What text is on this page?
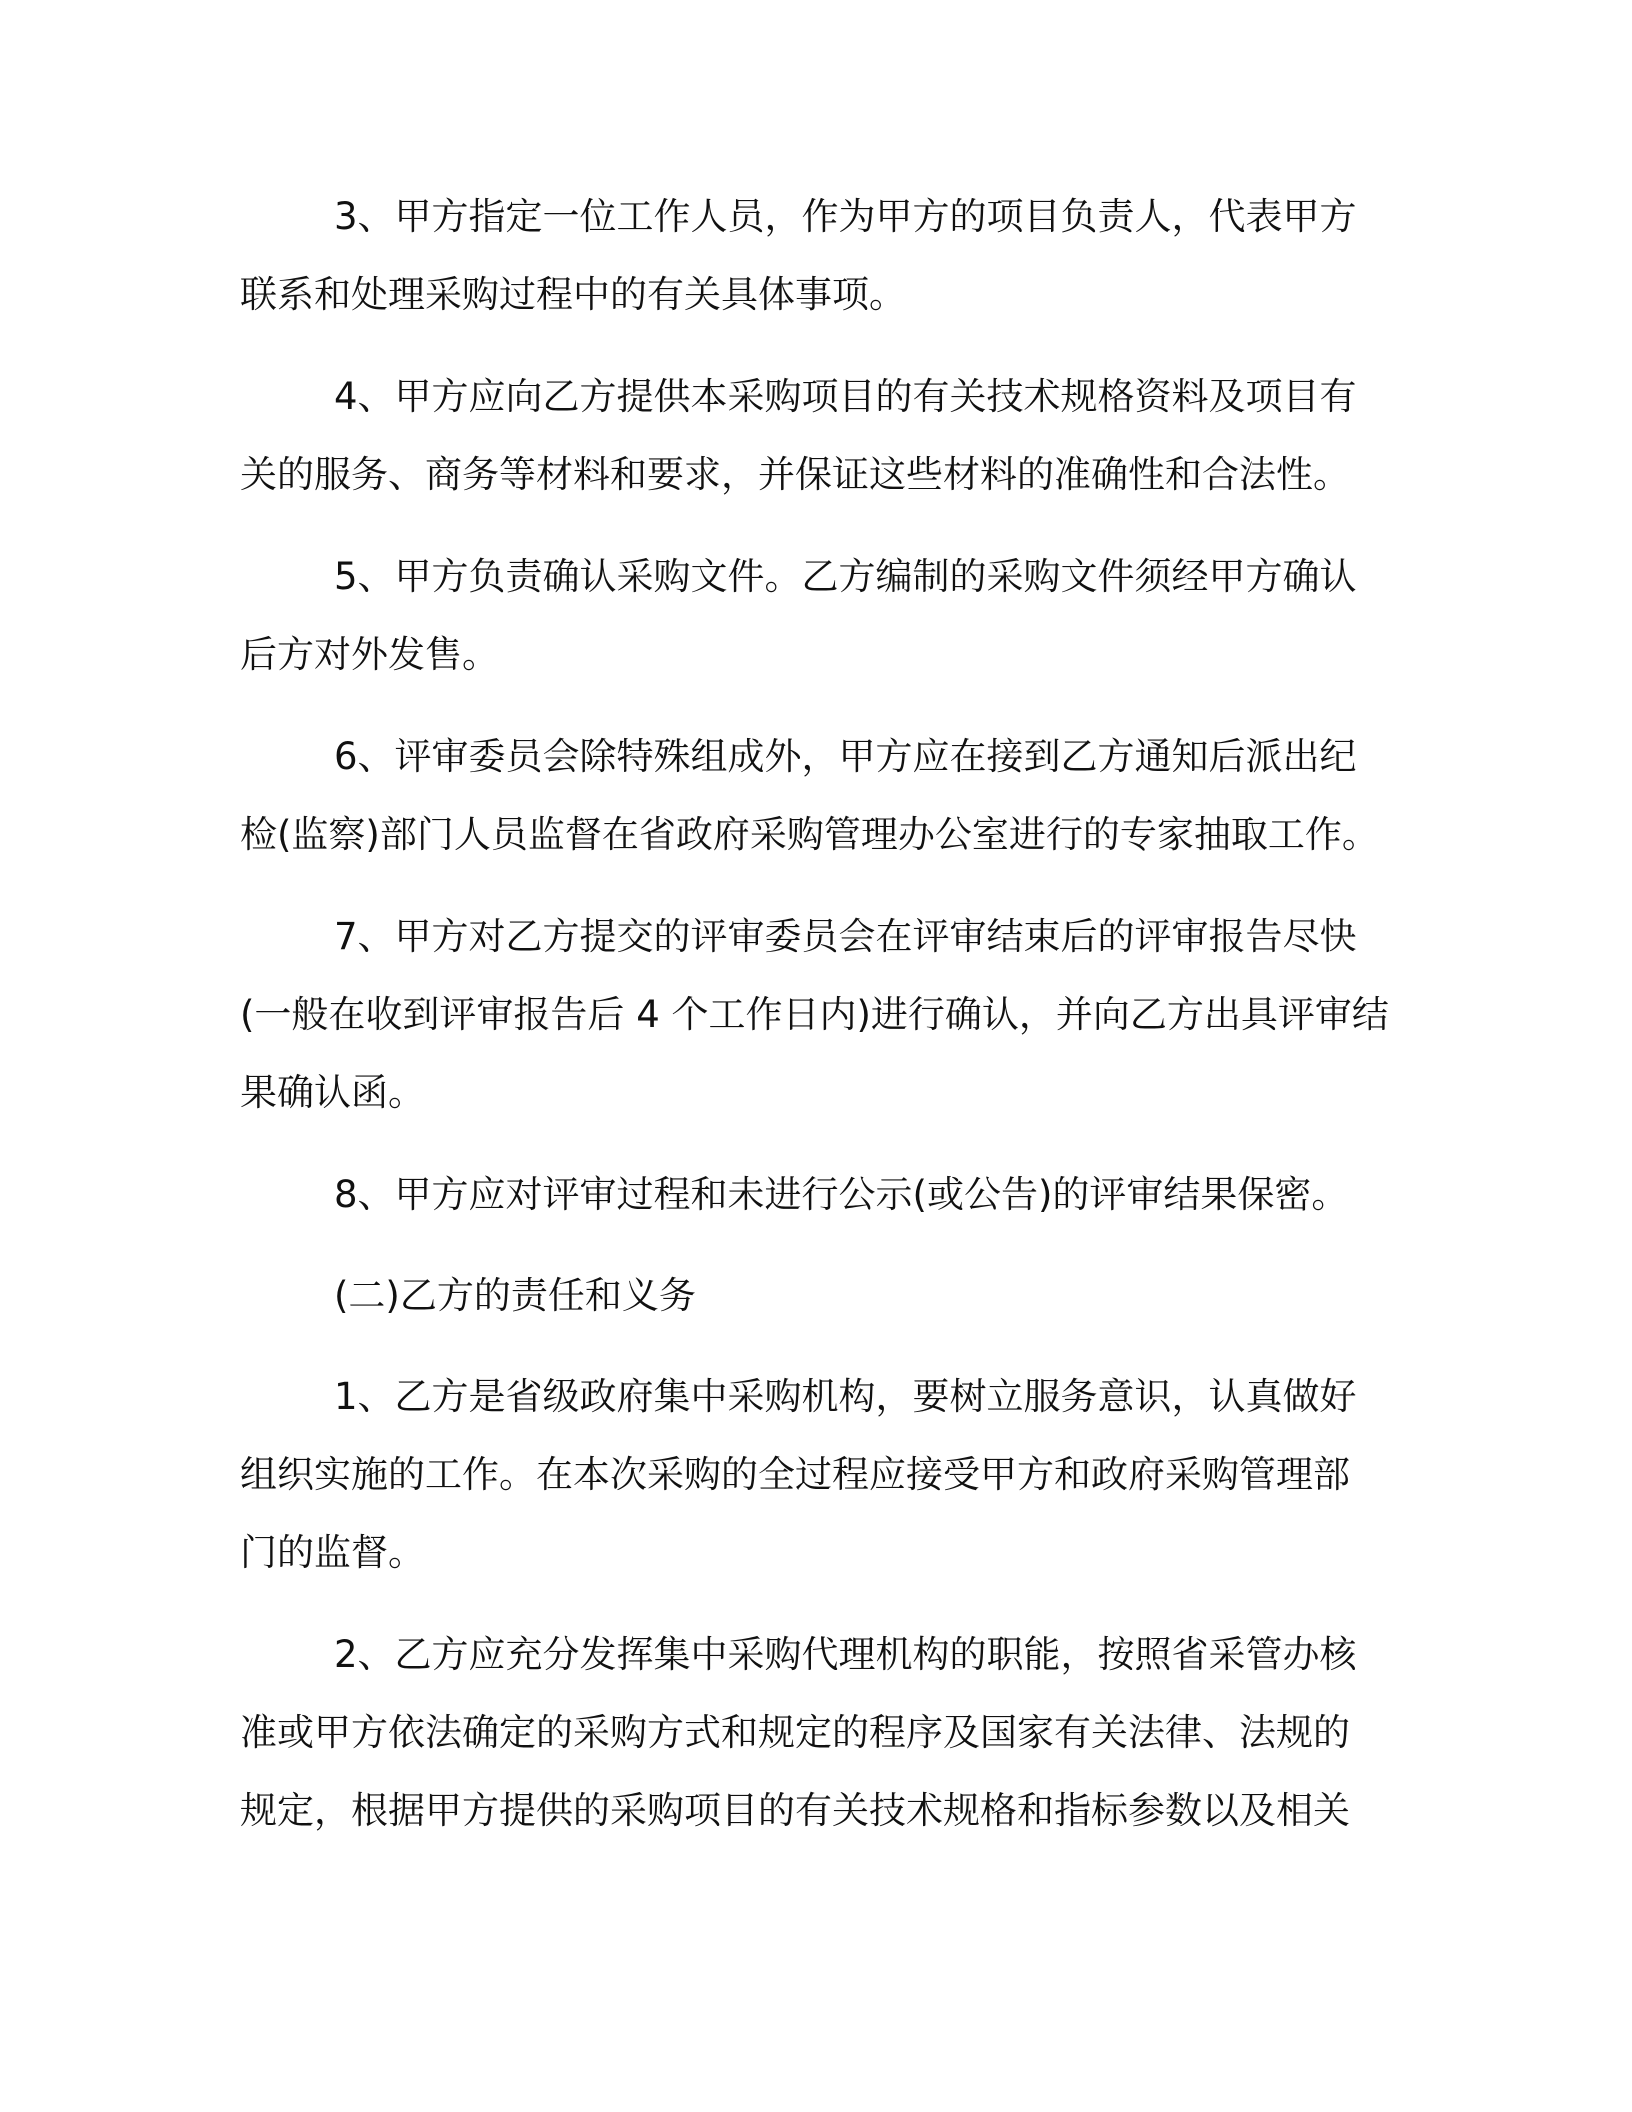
3、甲方指定一位工作人员，作为甲方的项目负责人，代表甲方
联系和处理采购过程中的有关具体事项。
4、甲方应向乙方提供本采购项目的有关技术规格资料及项目有
关的服务、商务等材料和要求，并保证这些材料的准确性和合法性。
5、甲方负责确认采购文件。乙方编制的采购文件须经甲方确认
后方对外发售。
6、评审委员会除特殊组成外，甲方应在接到乙方通知后派出纪
检(监察)部门人员监督在省政府采购管理办公室进行的专家抽取工作。
7、甲方对乙方提交的评审委员会在评审结束后的评审报告尽快
(一般在收到评审报告后 4 个工作日内)进行确认，并向乙方出具评审结
果确认函。
8、甲方应对评审过程和未进行公示(或公告)的评审结果保密。
(二)乙方的责任和义务
1、乙方是省级政府集中采购机构，要树立服务意识，认真做好
组织实施的工作。在本次采购的全过程应接受甲方和政府采购管理部
门的监督。
2、乙方应充分发挥集中采购代理机构的职能，按照省采管办核
准或甲方依法确定的采购方式和规定的程序及国家有关法律、法规的
规定，根据甲方提供的采购项目的有关技术规格和指标参数以及相关
